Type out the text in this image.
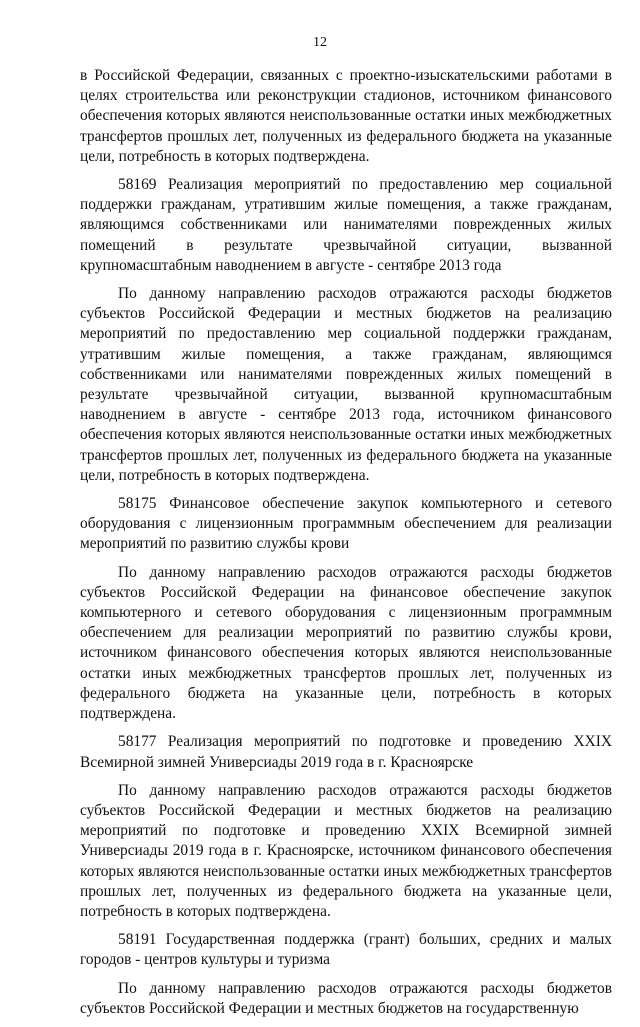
12

в Российской Федерации, связанных с проектно-изыскательскими работами в целях строительства или реконструкции стадионов, источником финансового обеспечения которых являются неиспользованные остатки иных межбюджетных трансфертов прошлых лет, полученных из федерального бюджета на указанные цели, потребность в которых подтверждена.

58169 Реализация мероприятий по предоставлению мер социальной поддержки гражданам, утратившим жилые помещения, а также гражданам, являющимся собственниками или нанимателями поврежденных жилых помещений в результате чрезвычайной ситуации, вызванной крупномасштабным наводнением в августе - сентябре 2013 года

По данному направлению расходов отражаются расходы бюджетов субъектов Российской Федерации и местных бюджетов на реализацию мероприятий по предоставлению мер социальной поддержки гражданам, утратившим жилые помещения, а также гражданам, являющимся собственниками или нанимателями поврежденных жилых помещений в результате чрезвычайной ситуации, вызванной крупномасштабным наводнением в августе - сентябре 2013 года, источником финансового обеспечения которых являются неиспользованные остатки иных межбюджетных трансфертов прошлых лет, полученных из федерального бюджета на указанные цели, потребность в которых подтверждена.

58175 Финансовое обеспечение закупок компьютерного и сетевого оборудования с лицензионным программным обеспечением для реализации мероприятий по развитию службы крови

По данному направлению расходов отражаются расходы бюджетов субъектов Российской Федерации на финансовое обеспечение закупок компьютерного и сетевого оборудования с лицензионным программным обеспечением для реализации мероприятий по развитию службы крови, источником финансового обеспечения которых являются неиспользованные остатки иных межбюджетных трансфертов прошлых лет, полученных из федерального бюджета на указанные цели, потребность в которых подтверждена.

58177 Реализация мероприятий по подготовке и проведению XXIX Всемирной зимней Универсиады 2019 года в г. Красноярске

По данному направлению расходов отражаются расходы бюджетов субъектов Российской Федерации и местных бюджетов на реализацию мероприятий по подготовке и проведению XXIX Всемирной зимней Универсиады 2019 года в г. Красноярске, источником финансового обеспечения которых являются неиспользованные остатки иных межбюджетных трансфертов прошлых лет, полученных из федерального бюджета на указанные цели, потребность в которых подтверждена.

58191 Государственная поддержка (грант) больших, средних и малых городов - центров культуры и туризма

По данному направлению расходов отражаются расходы бюджетов субъектов Российской Федерации и местных бюджетов на государственную
